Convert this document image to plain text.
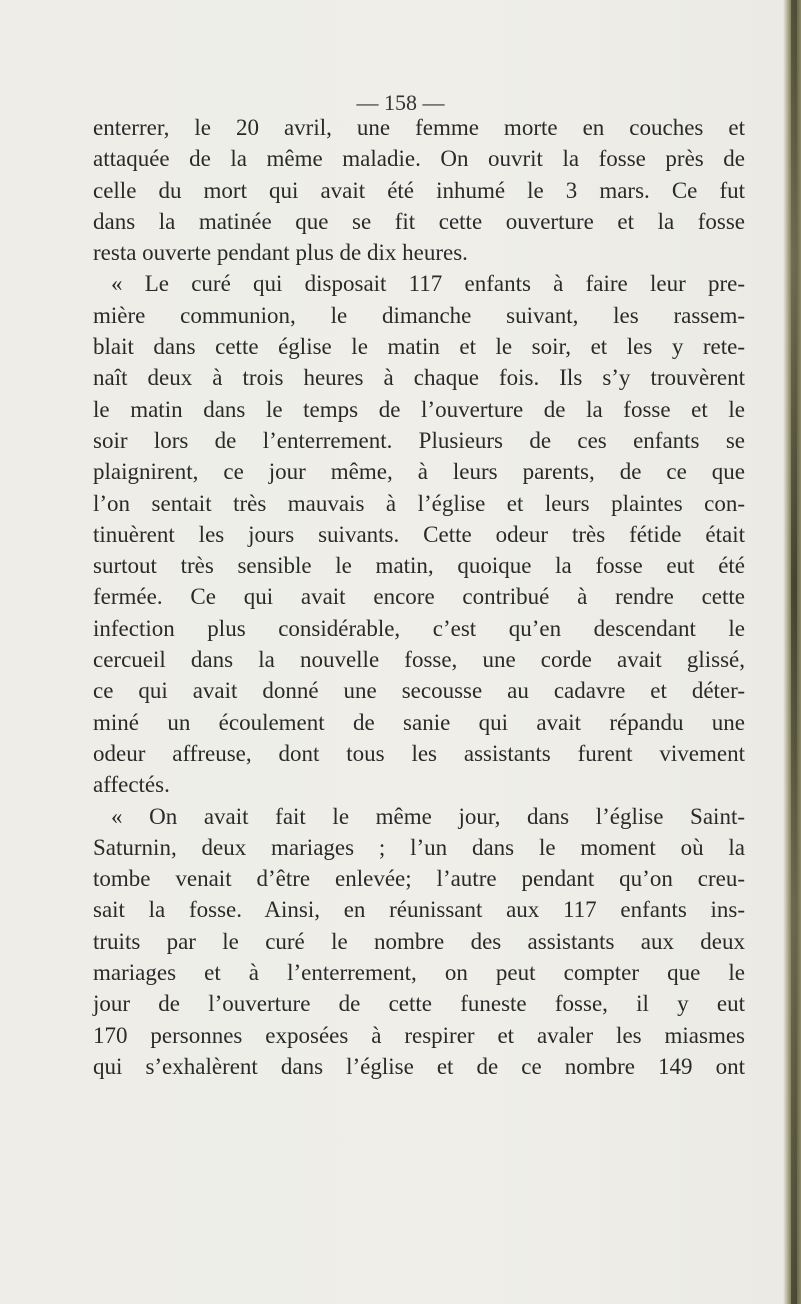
— 158 —
enterrer, le 20 avril, une femme morte en couches et
attaquée de la même maladie. On ouvrit la fosse près de
celle du mort qui avait été inhumé le 3 mars. Ce fut
dans la matinée que se fit cette ouverture et la fosse
resta ouverte pendant plus de dix heures.
« Le curé qui disposait 117 enfants à faire leur pre-
mière communion, le dimanche suivant, les rassem-
blait dans cette église le matin et le soir, et les y rete-
naît deux à trois heures à chaque fois. Ils s’y trouvèrent
le matin dans le temps de l’ouverture de la fosse et le
soir lors de l’enterrement. Plusieurs de ces enfants se
plaignirent, ce jour même, à leurs parents, de ce que
l’on sentait très mauvais à l’église et leurs plaintes con-
tinuèrent les jours suivants. Cette odeur très fétide était
surtout très sensible le matin, quoique la fosse eut été
fermée. Ce qui avait encore contribué à rendre cette
infection plus considérable, c’est qu’en descendant le
cercueil dans la nouvelle fosse, une corde avait glissé,
ce qui avait donné une secousse au cadavre et déter-
miné un écoulement de sanie qui avait répandu une
odeur affreuse, dont tous les assistants furent vivement
affectés.
« On avait fait le même jour, dans l’église Saint-
Saturnin, deux mariages ; l’un dans le moment où la
tombe venait d’être enlevée; l’autre pendant qu’on creu-
sait la fosse. Ainsi, en réunissant aux 117 enfants ins-
truits par le curé le nombre des assistants aux deux
mariages et à l’enterrement, on peut compter que le
jour de l’ouverture de cette funeste fosse, il y eut
170 personnes exposées à respirer et avaler les miasmes
qui s’exhalèrent dans l’église et de ce nombre 149 ont
